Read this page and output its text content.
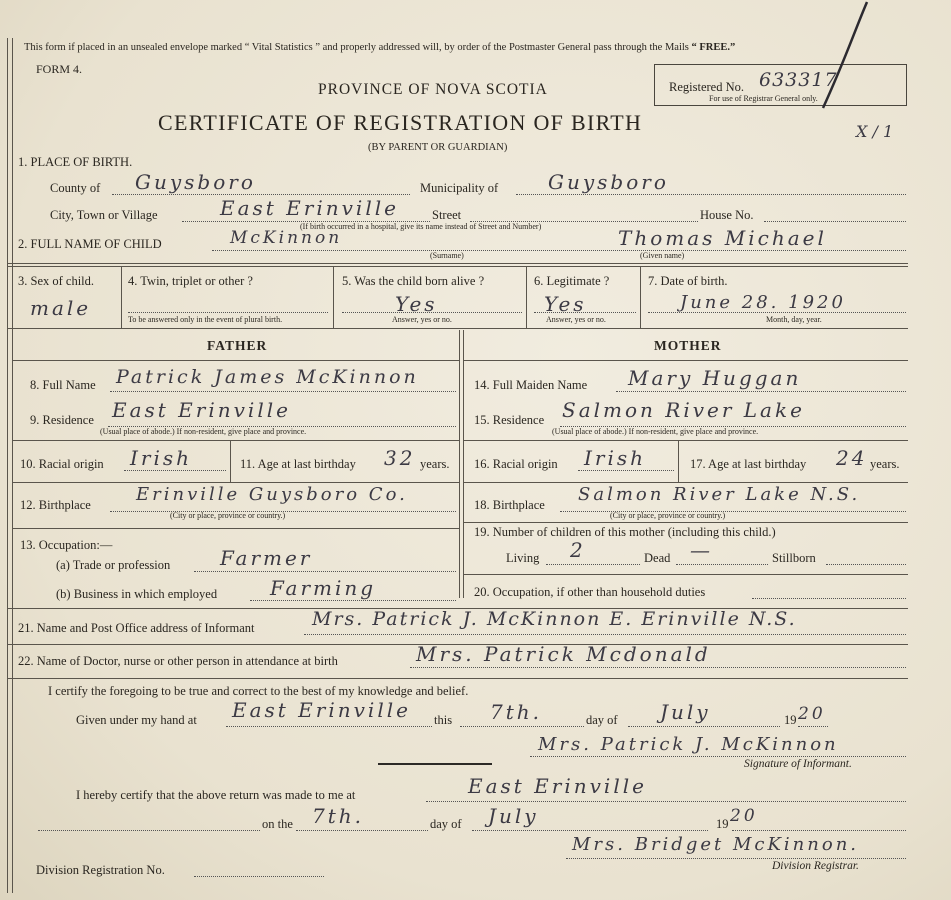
This form if placed in an unsealed envelope marked “ Vital Statistics ” and properly addressed will, by order of the Postmaster General pass through the Mails “ FREE.”
FORM 4.
PROVINCE OF NOVA SCOTIA
CERTIFICATE OF REGISTRATION OF BIRTH
(BY PARENT OR GUARDIAN)
Registered No. 633317
For use of Registrar General only.
X / 1
1. PLACE OF BIRTH.
County of Guysboro	Municipality of Guysboro
City, Town or Village	East Erinville	Street	House No.
(If birth occurred in a hospital, give its name instead of Street and Number)
2. FULL NAME OF CHILD	McKinnon
(Surname)
Thomas Michael
(Given name)
3. Sex of child.
male
4. Twin, triplet or other ?
To be answered only in the event of plural birth.
5. Was the child born alive ?
Yes
Answer, yes or no.
6. Legitimate ?
Yes
Answer, yes or no.
7. Date of birth.
June 28. 1920
Month, day, year.
FATHER	MOTHER
8. Full Name Patrick James McKinnon
9. Residence East Erinville
(Usual place of abode.) If non-resident, give place and province.
10. Racial origin Irish	11. Age at last birthday 32 years.
12. Birthplace	Erinville Guysboro Co.
(City or place, province or country.)
13. Occupation:—
(a) Trade or profession Farmer
(b) Business in which employed	Farming
14. Full Maiden Name Mary Huggan
15. Residence Salmon River Lake
(Usual place of abode.) If non-resident, give place and province.
16. Racial origin Irish	17. Age at last birthday 24 years.
18. Birthplace Salmon River Lake N.S.
(City or place, province or country.)
19. Number of children of this mother (including this child.)
Living 2	Dead —	Stillborn
20. Occupation, if other than household duties
21. Name and Post Office address of Informant	Mrs. Patrick J. McKinnon E. Erinville N.S.
22. Name of Doctor, nurse or other person in attendance at birth	Mrs. Patrick Mcdonald
I certify the foregoing to be true and correct to the best of my knowledge and belief.
Given under my hand at East Erinville this 7th.	day of July	19 20
Mrs. Patrick J. McKinnon
Signature of Informant.
I hereby certify that the above return was made to me at	East Erinville
on the 7th.	day of July	19 20
Mrs. Bridget McKinnon.
Division Registrar.
Division Registration No.
